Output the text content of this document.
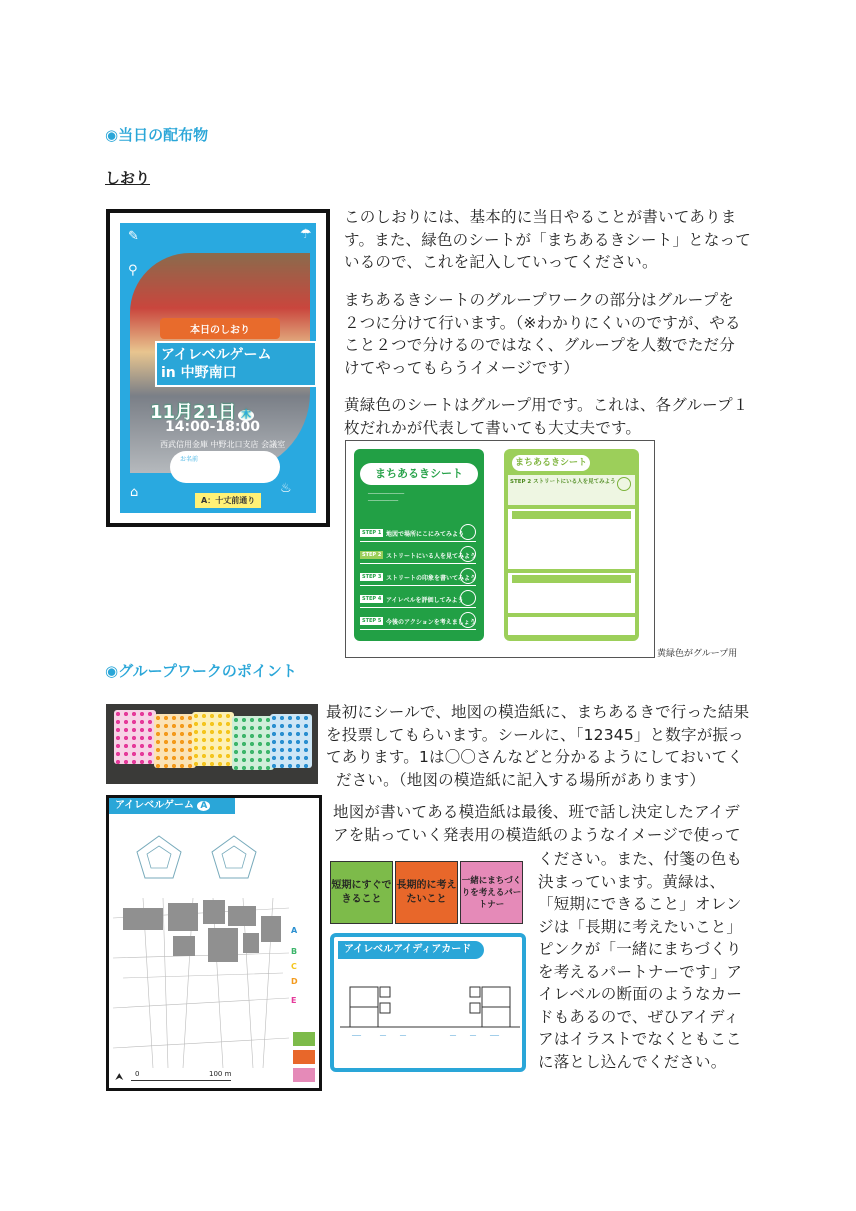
◉当日の配布物
しおり
✎	☂
⚲
本日のしおり
アイレベルゲーム
in 中野南口
11月21日 木
14:00-18:00
西武信用金庫 中野北口支店 会議室
お名前
A：十丈前通り
♨
⌂
このしおりには、基本的に当日やることが書いてありま
す。また、緑色のシートが「まちあるきシート」となって
いるので、これを記入していってください。
まちあるきシートのグループワークの部分はグループを
２つに分けて行います。（※わかりにくいのですが、やる
こと２つで分けるのではなく、グループを人数でただ分
けてやってもらうイメージです）
黄緑色のシートはグループ用です。これは、各グループ１
枚だれかが代表して書いても大丈夫です。
まちあるきシート
────────────
──────────
STEP 1 地図で場所にこにみてみよう
STEP 2 ストリートにいる人を見てみよう
STEP 3 ストリートの印象を書いてみよう
STEP 4 アイレベルを評価してみよう
STEP 5 今後のアクションを考えましょう
まちあるきシート
STEP 2 ストリートにいる人を見てみよう
黄緑色がグループ用
◉グループワークのポイント
最初にシールで、地図の模造紙に、まちあるきで行った結果
を投票してもらいます。シールに、「12345」と数字が振っ
てあります。1は〇〇さんなどと分かるようにしておいてく
ださい。（地図の模造紙に記入する場所があります）
アイレベルゲーム A
A
B
C
D
E
⮝ 0	100 m
地図が書いてある模造紙は最後、班で話し決定したアイデ
アを貼っていく発表用の模造紙のようなイメージで使って
短期にすぐできること
長期的に考えたいこと
一緒にまちづくりを考えるパートナー
アイレベルアイディアカード
───	──	──	──	──	───
ください。また、付箋の色も
決まっています。黄緑は、
「短期にできること」オレン
ジは「長期に考えたいこと」
ピンクが「一緒にまちづくり
を考えるパートナーです」ア
イレベルの断面のようなカー
ドもあるので、ぜひアイディ
アはイラストでなくともここ
に落とし込んでください。
